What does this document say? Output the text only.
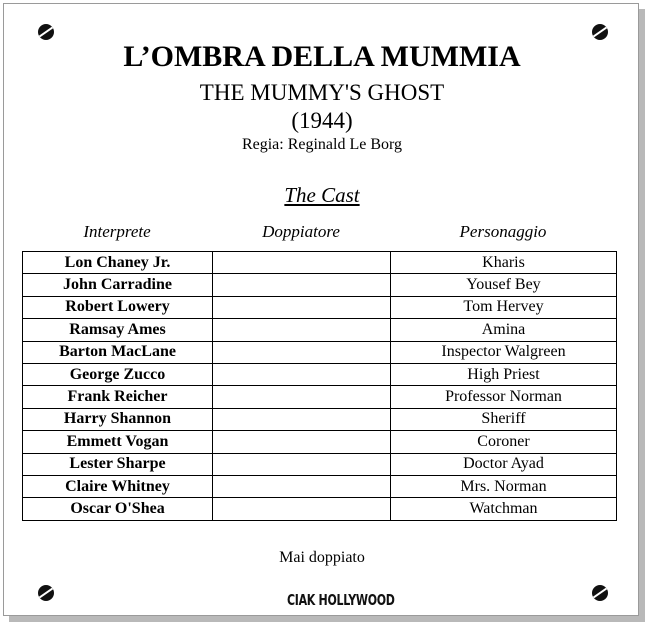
L’OMBRA DELLA MUMMIA
THE MUMMY'S GHOST
(1944)
Regia: Reginald Le Borg
The Cast
Interprete	Doppiatore	Personaggio
Lon Chaney Jr.		Kharis
John Carradine		Yousef Bey
Robert Lowery		Tom Hervey
Ramsay Ames		Amina
Barton MacLane		Inspector Walgreen
George Zucco		High Priest
Frank Reicher		Professor Norman
Harry Shannon		Sheriff
Emmett Vogan		Coroner
Lester Sharpe		Doctor Ayad
Claire Whitney		Mrs. Norman
Oscar O'Shea		Watchman
Mai doppiato
CIAK HOLLYWOOD
